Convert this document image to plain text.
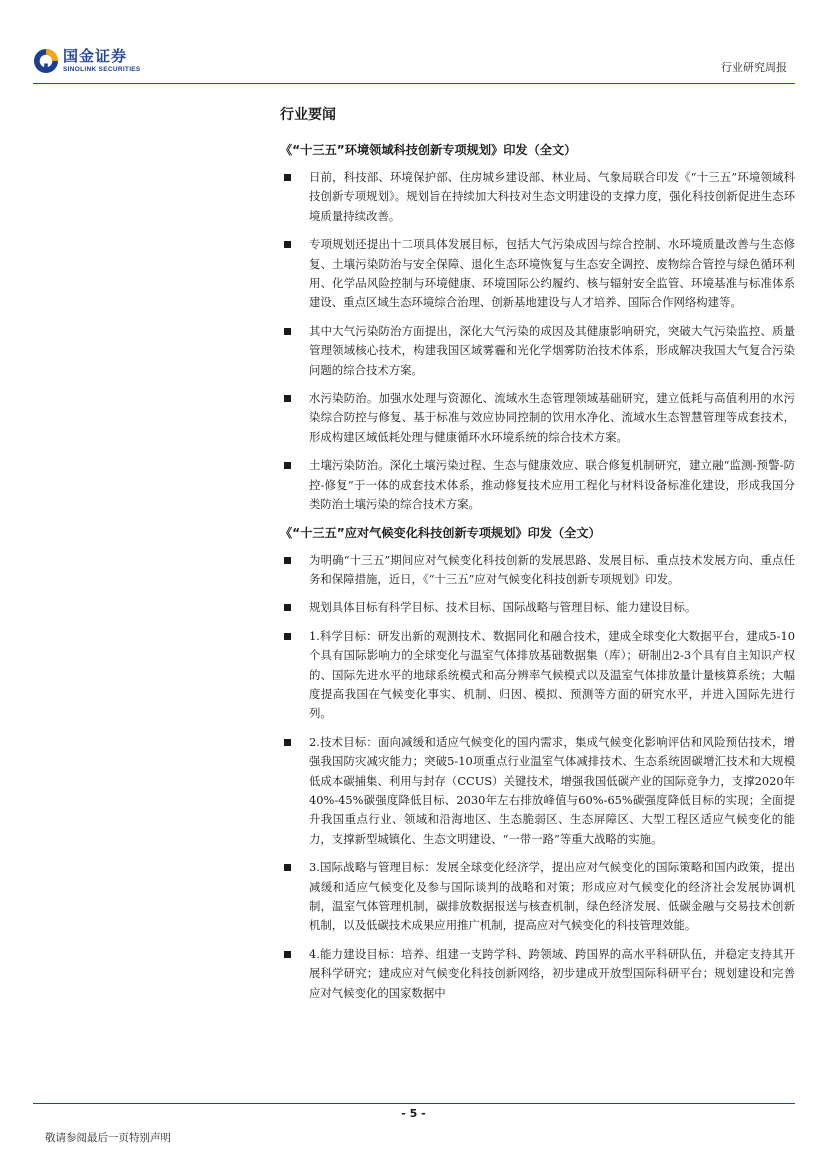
国金证券
SINOLINK SECURITIES	行业研究周报
行业要闻
《“十三五”环境领域科技创新专项规划》印发（全文）
日前，科技部、环境保护部、住房城乡建设部、林业局、气象局联合印发《“十三五”环境领域科技创新专项规划》。规划旨在持续加大科技对生态文明建设的支撑力度，强化科技创新促进生态环境质量持续改善。
专项规划还提出十二项具体发展目标，包括大气污染成因与综合控制、水环境质量改善与生态修复、土壤污染防治与安全保障、退化生态环境恢复与生态安全调控、废物综合管控与绿色循环利用、化学品风险控制与环境健康、环境国际公约履约、核与辐射安全监管、环境基准与标准体系建设、重点区域生态环境综合治理、创新基地建设与人才培养、国际合作网络构建等。
其中大气污染防治方面提出，深化大气污染的成因及其健康影响研究，突破大气污染监控、质量管理领域核心技术，构建我国区域雾霾和光化学烟雾防治技术体系，形成解决我国大气复合污染问题的综合技术方案。
水污染防治。加强水处理与资源化、流域水生态管理领域基础研究，建立低耗与高值利用的水污染综合防控与修复、基于标准与效应协同控制的饮用水净化、流域水生态智慧管理等成套技术，形成构建区域低耗处理与健康循环水环境系统的综合技术方案。
土壤污染防治。深化土壤污染过程、生态与健康效应、联合修复机制研究，建立融“监测-预警-防控-修复”于一体的成套技术体系，推动修复技术应用工程化与材料设备标准化建设，形成我国分类防治土壤污染的综合技术方案。
《“十三五”应对气候变化科技创新专项规划》印发（全文）
为明确“十三五”期间应对气候变化科技创新的发展思路、发展目标、重点技术发展方向、重点任务和保障措施，近日，《“十三五”应对气候变化科技创新专项规划》印发。
规划具体目标有科学目标、技术目标、国际战略与管理目标、能力建设目标。
1.科学目标：研发出新的观测技术、数据同化和融合技术，建成全球变化大数据平台，建成5-10个具有国际影响力的全球变化与温室气体排放基础数据集（库）；研制出2-3个具有自主知识产权的、国际先进水平的地球系统模式和高分辨率气候模式以及温室气体排放量计量核算系统；大幅度提高我国在气候变化事实、机制、归因、模拟、预测等方面的研究水平，并进入国际先进行列。
2.技术目标：面向减缓和适应气候变化的国内需求，集成气候变化影响评估和风险预估技术，增强我国防灾减灾能力；突破5-10项重点行业温室气体减排技术、生态系统固碳增汇技术和大规模低成本碳捕集、利用与封存（CCUS）关键技术，增强我国低碳产业的国际竞争力，支撑2020年40%-45%碳强度降低目标、2030年左右排放峰值与60%-65%碳强度降低目标的实现；全面提升我国重点行业、领域和沿海地区、生态脆弱区、生态屏障区、大型工程区适应气候变化的能力，支撑新型城镇化、生态文明建设、“一带一路”等重大战略的实施。
3.国际战略与管理目标：发展全球变化经济学，提出应对气候变化的国际策略和国内政策，提出减缓和适应气候变化及参与国际谈判的战略和对策；形成应对气候变化的经济社会发展协调机制，温室气体管理机制，碳排放数据报送与核查机制，绿色经济发展、低碳金融与交易技术创新机制，以及低碳技术成果应用推广机制，提高应对气候变化的科技管理效能。
4.能力建设目标：培养、组建一支跨学科、跨领域、跨国界的高水平科研队伍，并稳定支持其开展科学研究；建成应对气候变化科技创新网络，初步建成开放型国际科研平台；规划建设和完善应对气候变化的国家数据中
- 5 -
敬请参阅最后一页特别声明
